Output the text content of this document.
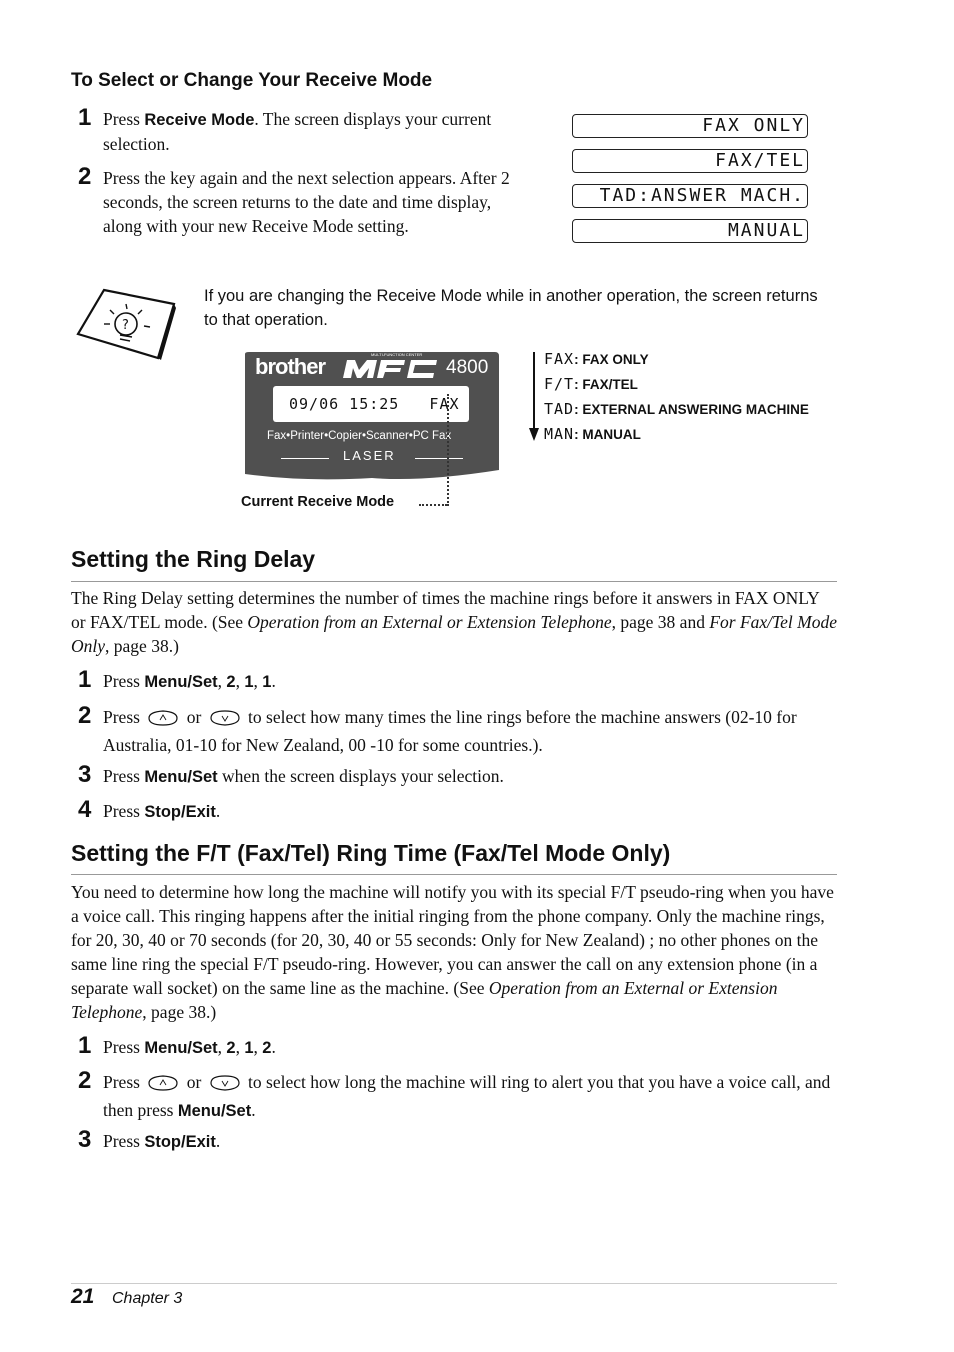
To Select or Change Your Receive Mode
1 Press Receive Mode. The screen displays your current selection.
2 Press the key again and the next selection appears. After 2 seconds, the screen returns to the date and time display, along with your new Receive Mode setting.
FAX ONLY
FAX/TEL
TAD:ANSWER MACH.
MANUAL
?
If you are changing the Receive Mode while in another operation, the screen returns to that operation.
brother	MULTI-FUNCTION CENTER
4800
09/06 15:25   FAX
Fax•Printer•Copier•Scanner•PC Fax
LASER
Current Receive Mode
FAX: FAX ONLY
F/T: FAX/TEL
TAD: EXTERNAL ANSWERING MACHINE
MAN: MANUAL
Setting the Ring Delay
The Ring Delay setting determines the number of times the machine rings before it answers in FAX ONLY or FAX/TEL mode. (See Operation from an External or Extension Telephone, page 38 and For Fax/Tel Mode Only, page 38.)
1 Press Menu/Set, 2, 1, 1.
2 Press	or	to select how many times the line rings before the machine answers (02-10 for Australia, 01-10 for New Zealand, 00 -10 for some countries.).
3 Press Menu/Set when the screen displays your selection.
4 Press Stop/Exit.
Setting the F/T (Fax/Tel) Ring Time (Fax/Tel Mode Only)
You need to determine how long the machine will notify you with its special F/T pseudo-ring when you have a voice call. This ringing happens after the initial ringing from the phone company. Only the machine rings, for 20, 30, 40 or 70 seconds (for 20, 30, 40 or 55 seconds: Only for New Zealand) ; no other phones on the same line ring the special F/T pseudo-ring. However, you can answer the call on any extension phone (in a separate wall socket) on the same line as the machine. (See Operation from an External or Extension Telephone, page 38.)
1 Press Menu/Set, 2, 1, 2.
2 Press	or	to select how long the machine will ring to alert you that you have a voice call, and then press Menu/Set.
3 Press Stop/Exit.
21 Chapter 3
